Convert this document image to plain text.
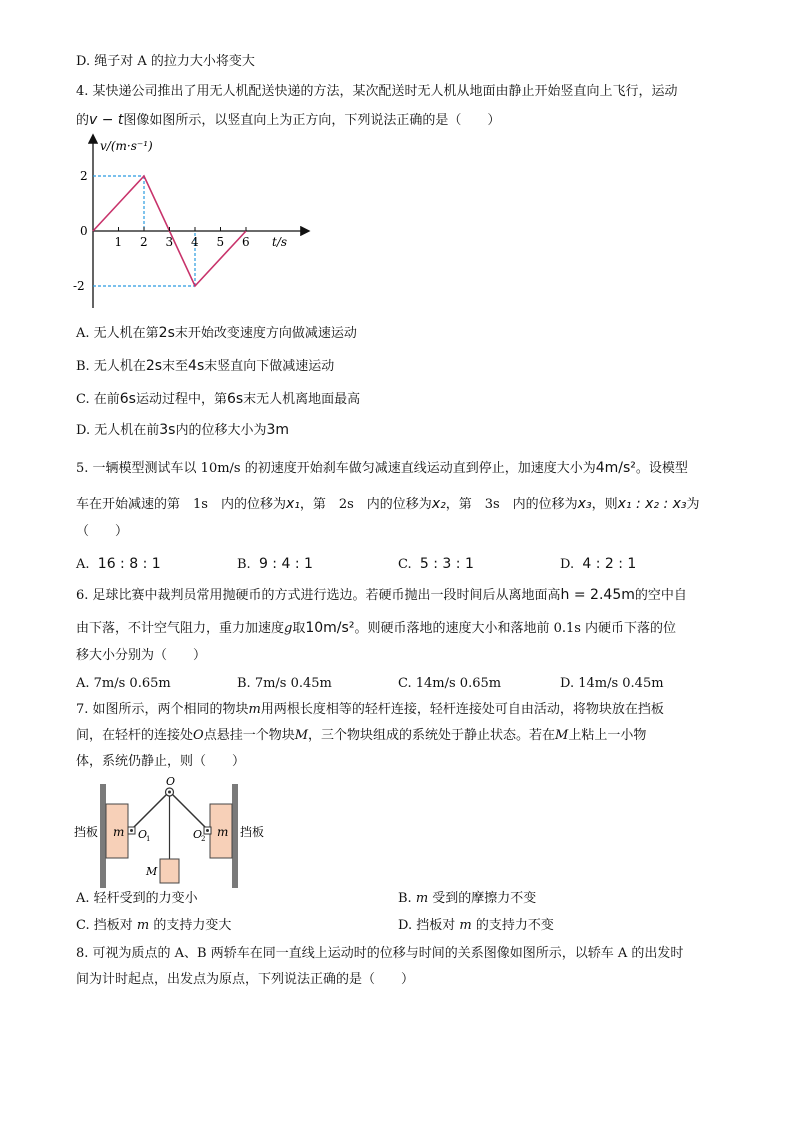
D. 绳子对 A 的拉力大小将变大
4. 某快递公司推出了用无人机配送快递的方法，某次配送时无人机从地面由静止开始竖直向上飞行，运动
的v − t图像如图所示，以竖直向上为正方向，下列说法正确的是（　　）
1 2 3 4 5 6
2
0
-2
v/(m·s⁻¹)
t/s
A. 无人机在第2s末开始改变速度方向做减速运动
B. 无人机在2s末至4s末竖直向下做减速运动
C. 在前6s运动过程中，第6s末无人机离地面最高
D. 无人机在前3s内的位移大小为3m
5. 一辆模型测试车以 10m/s 的初速度开始刹车做匀减速直线运动直到停止，加速度大小为4m/s²。设模型
车在开始减速的第　1s　内的位移为x₁，第　2s　内的位移为x₂，第　3s　内的位移为x₃，则x₁ : x₂ : x₃为
（　　）
A. 16 : 8 : 1	B. 9 : 4 : 1	C. 5 : 3 : 1	D. 4 : 2 : 1
6. 足球比赛中裁判员常用抛硬币的方式进行选边。若硬币抛出一段时间后从离地面高h = 2.45m的空中自
由下落，不计空气阻力，重力加速度g取10m/s²。则硬币落地的速度大小和落地前 0.1s 内硬币下落的位
移大小分别为（　　）
A. 7m/s 0.65m	B. 7m/s 0.45m	C. 14m/s 0.65m	D. 14m/s 0.45m
7. 如图所示，两个相同的物块m用两根长度相等的轻杆连接，轻杆连接处可自由活动，将物块放在挡板
间，在轻杆的连接处O点悬挂一个物块M，三个物块组成的系统处于静止状态。若在M上粘上一小物
体，系统仍静止，则（　　）
挡板 m	挡板
m
O
O
1	O
2
M
A. 轻杆受到的力变小	B. m 受到的摩擦力不变
C. 挡板对 m 的支持力变大	D. 挡板对 m 的支持力不变
8. 可视为质点的 A、B 两轿车在同一直线上运动时的位移与时间的关系图像如图所示，以轿车 A 的出发时
间为计时起点，出发点为原点，下列说法正确的是（　　）
